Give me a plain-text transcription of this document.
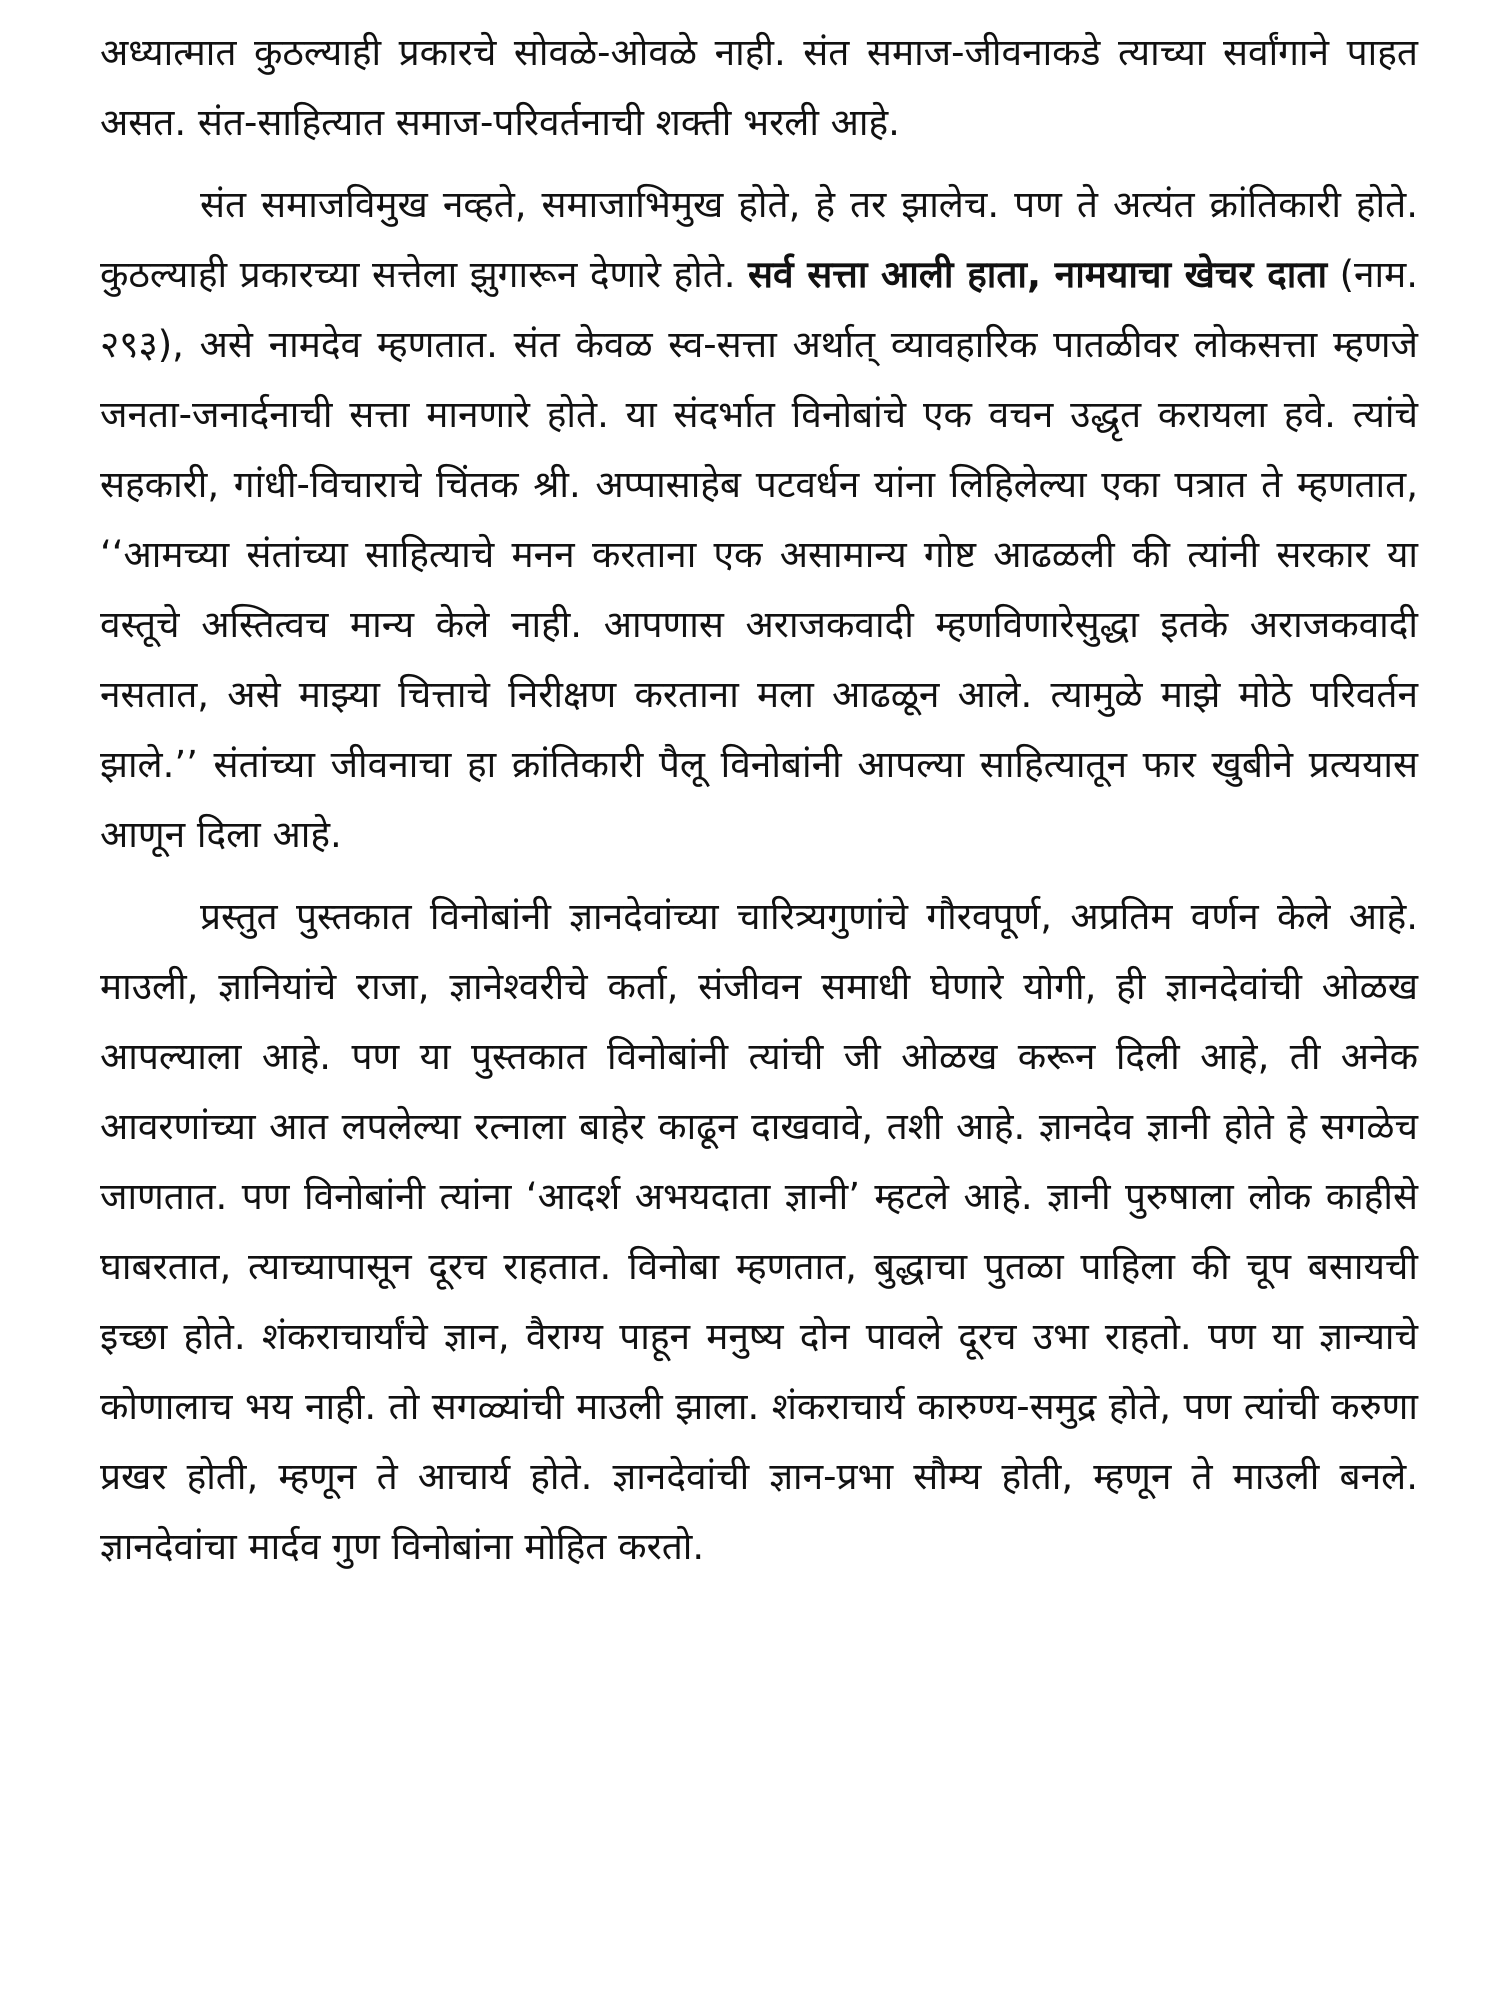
अध्यात्मात कुठल्याही प्रकारचे सोवळे-ओवळे नाही. संत समाज-जीवनाकडे त्याच्या सर्वांगाने पाहत असत. संत-साहित्यात समाज-परिवर्तनाची शक्ती भरली आहे.

संत समाजविमुख नव्हते, समाजाभिमुख होते, हे तर झालेच. पण ते अत्यंत क्रांतिकारी होते. कुठल्याही प्रकारच्या सत्तेला झुगारून देणारे होते. सर्व सत्ता आली हाता, नामयाचा खेचर दाता (नाम. २९३), असे नामदेव म्हणतात. संत केवळ स्व-सत्ता अर्थात् व्यावहारिक पातळीवर लोकसत्ता म्हणजे जनता-जनार्दनाची सत्ता मानणारे होते. या संदर्भात विनोबांचे एक वचन उद्धृत करायला हवे. त्यांचे सहकारी, गांधी-विचाराचे चिंतक श्री. अप्पासाहेब पटवर्धन यांना लिहिलेल्या एका पत्रात ते म्हणतात, ‘‘आमच्या संतांच्या साहित्याचे मनन करताना एक असामान्य गोष्ट आढळली की त्यांनी सरकार या वस्तूचे अस्तित्वच मान्य केले नाही. आपणास अराजकवादी म्हणविणारेसुद्धा इतके अराजकवादी नसतात, असे माझ्या चित्ताचे निरीक्षण करताना मला आढळून आले. त्यामुळे माझे मोठे परिवर्तन झाले.’’ संतांच्या जीवनाचा हा क्रांतिकारी पैलू विनोबांनी आपल्या साहित्यातून फार खुबीने प्रत्ययास आणून दिला आहे.

प्रस्तुत पुस्तकात विनोबांनी ज्ञानदेवांच्या चारित्र्यगुणांचे गौरवपूर्ण, अप्रतिम वर्णन केले आहे. माउली, ज्ञानियांचे राजा, ज्ञानेश्वरीचे कर्ता, संजीवन समाधी घेणारे योगी, ही ज्ञानदेवांची ओळख आपल्याला आहे. पण या पुस्तकात विनोबांनी त्यांची जी ओळख करून दिली आहे, ती अनेक आवरणांच्या आत लपलेल्या रत्नाला बाहेर काढून दाखवावे, तशी आहे. ज्ञानदेव ज्ञानी होते हे सगळेच जाणतात. पण विनोबांनी त्यांना ‘आदर्श अभयदाता ज्ञानी’ म्हटले आहे. ज्ञानी पुरुषाला लोक काहीसे घाबरतात, त्याच्यापासून दूरच राहतात. विनोबा म्हणतात, बुद्धाचा पुतळा पाहिला की चूप बसायची इच्छा होते. शंकराचार्यांचे ज्ञान, वैराग्य पाहून मनुष्य दोन पावले दूरच उभा राहतो. पण या ज्ञान्याचे कोणालाच भय नाही. तो सगळ्यांची माउली झाला. शंकराचार्य कारुण्य-समुद्र होते, पण त्यांची करुणा प्रखर होती, म्हणून ते आचार्य होते. ज्ञानदेवांची ज्ञान-प्रभा सौम्य होती, म्हणून ते माउली बनले. ज्ञानदेवांचा मार्दव गुण विनोबांना मोहित करतो.
